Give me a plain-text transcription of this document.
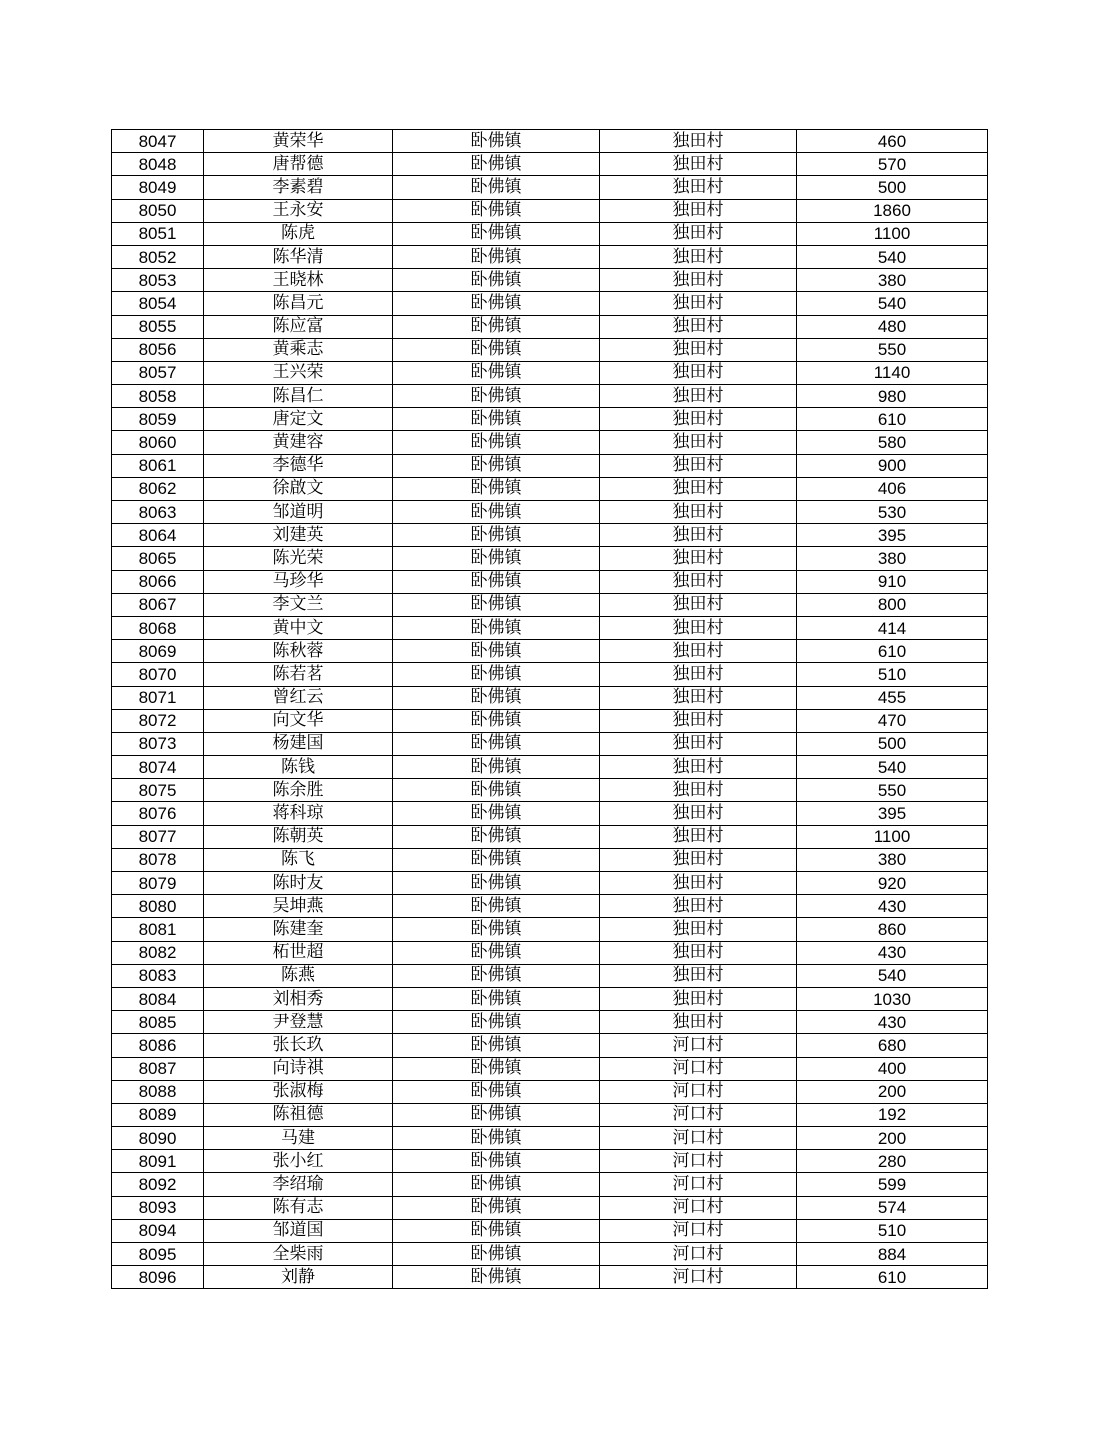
8047	黄荣华	卧佛镇	独田村	460
8048	唐帮德	卧佛镇	独田村	570
8049	李素碧	卧佛镇	独田村	500
8050	王永安	卧佛镇	独田村	1860
8051	陈虎	卧佛镇	独田村	1100
8052	陈华清	卧佛镇	独田村	540
8053	王晓林	卧佛镇	独田村	380
8054	陈昌元	卧佛镇	独田村	540
8055	陈应富	卧佛镇	独田村	480
8056	黄乘志	卧佛镇	独田村	550
8057	王兴荣	卧佛镇	独田村	1140
8058	陈昌仁	卧佛镇	独田村	980
8059	唐定文	卧佛镇	独田村	610
8060	黄建容	卧佛镇	独田村	580
8061	李德华	卧佛镇	独田村	900
8062	徐啟文	卧佛镇	独田村	406
8063	邹道明	卧佛镇	独田村	530
8064	刘建英	卧佛镇	独田村	395
8065	陈光荣	卧佛镇	独田村	380
8066	马珍华	卧佛镇	独田村	910
8067	李文兰	卧佛镇	独田村	800
8068	黄中文	卧佛镇	独田村	414
8069	陈秋蓉	卧佛镇	独田村	610
8070	陈若茗	卧佛镇	独田村	510
8071	曾红云	卧佛镇	独田村	455
8072	向文华	卧佛镇	独田村	470
8073	杨建国	卧佛镇	独田村	500
8074	陈钱	卧佛镇	独田村	540
8075	陈余胜	卧佛镇	独田村	550
8076	蒋科琼	卧佛镇	独田村	395
8077	陈朝英	卧佛镇	独田村	1100
8078	陈飞	卧佛镇	独田村	380
8079	陈时友	卧佛镇	独田村	920
8080	吴坤燕	卧佛镇	独田村	430
8081	陈建奎	卧佛镇	独田村	860
8082	柘世超	卧佛镇	独田村	430
8083	陈燕	卧佛镇	独田村	540
8084	刘相秀	卧佛镇	独田村	1030
8085	尹登慧	卧佛镇	独田村	430
8086	张长玖	卧佛镇	河口村	680
8087	向诗祺	卧佛镇	河口村	400
8088	张淑梅	卧佛镇	河口村	200
8089	陈祖德	卧佛镇	河口村	192
8090	马建	卧佛镇	河口村	200
8091	张小红	卧佛镇	河口村	280
8092	李绍瑜	卧佛镇	河口村	599
8093	陈有志	卧佛镇	河口村	574
8094	邹道国	卧佛镇	河口村	510
8095	全柴雨	卧佛镇	河口村	884
8096	刘静	卧佛镇	河口村	610
